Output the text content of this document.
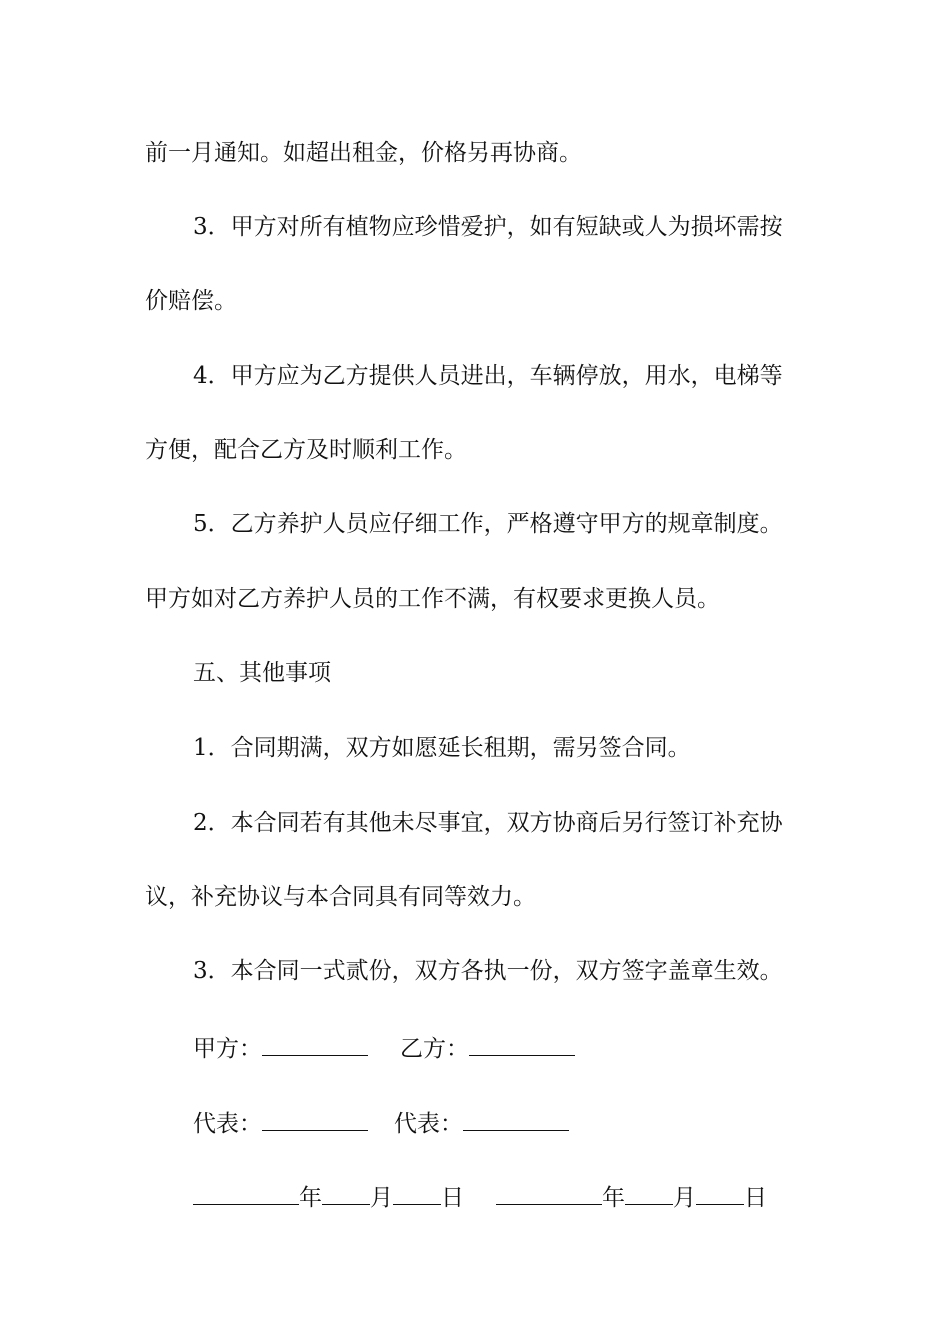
前一月通知。如超出租金，价格另再协商。
3．甲方对所有植物应珍惜爱护，如有短缺或人为损坏需按
价赔偿。
4．甲方应为乙方提供人员进出，车辆停放，用水，电梯等
方便，配合乙方及时顺利工作。
5．乙方养护人员应仔细工作，严格遵守甲方的规章制度。
甲方如对乙方养护人员的工作不满，有权要求更换人员。
五、其他事项
1．合同期满，双方如愿延长租期，需另签合同。
2．本合同若有其他未尽事宜，双方协商后另行签订补充协
议，补充协议与本合同具有同等效力。
3．本合同一式贰份，双方各执一份，双方签字盖章生效。
甲方：	乙方：
代表：	代表：
年 月 日	年 月 日
